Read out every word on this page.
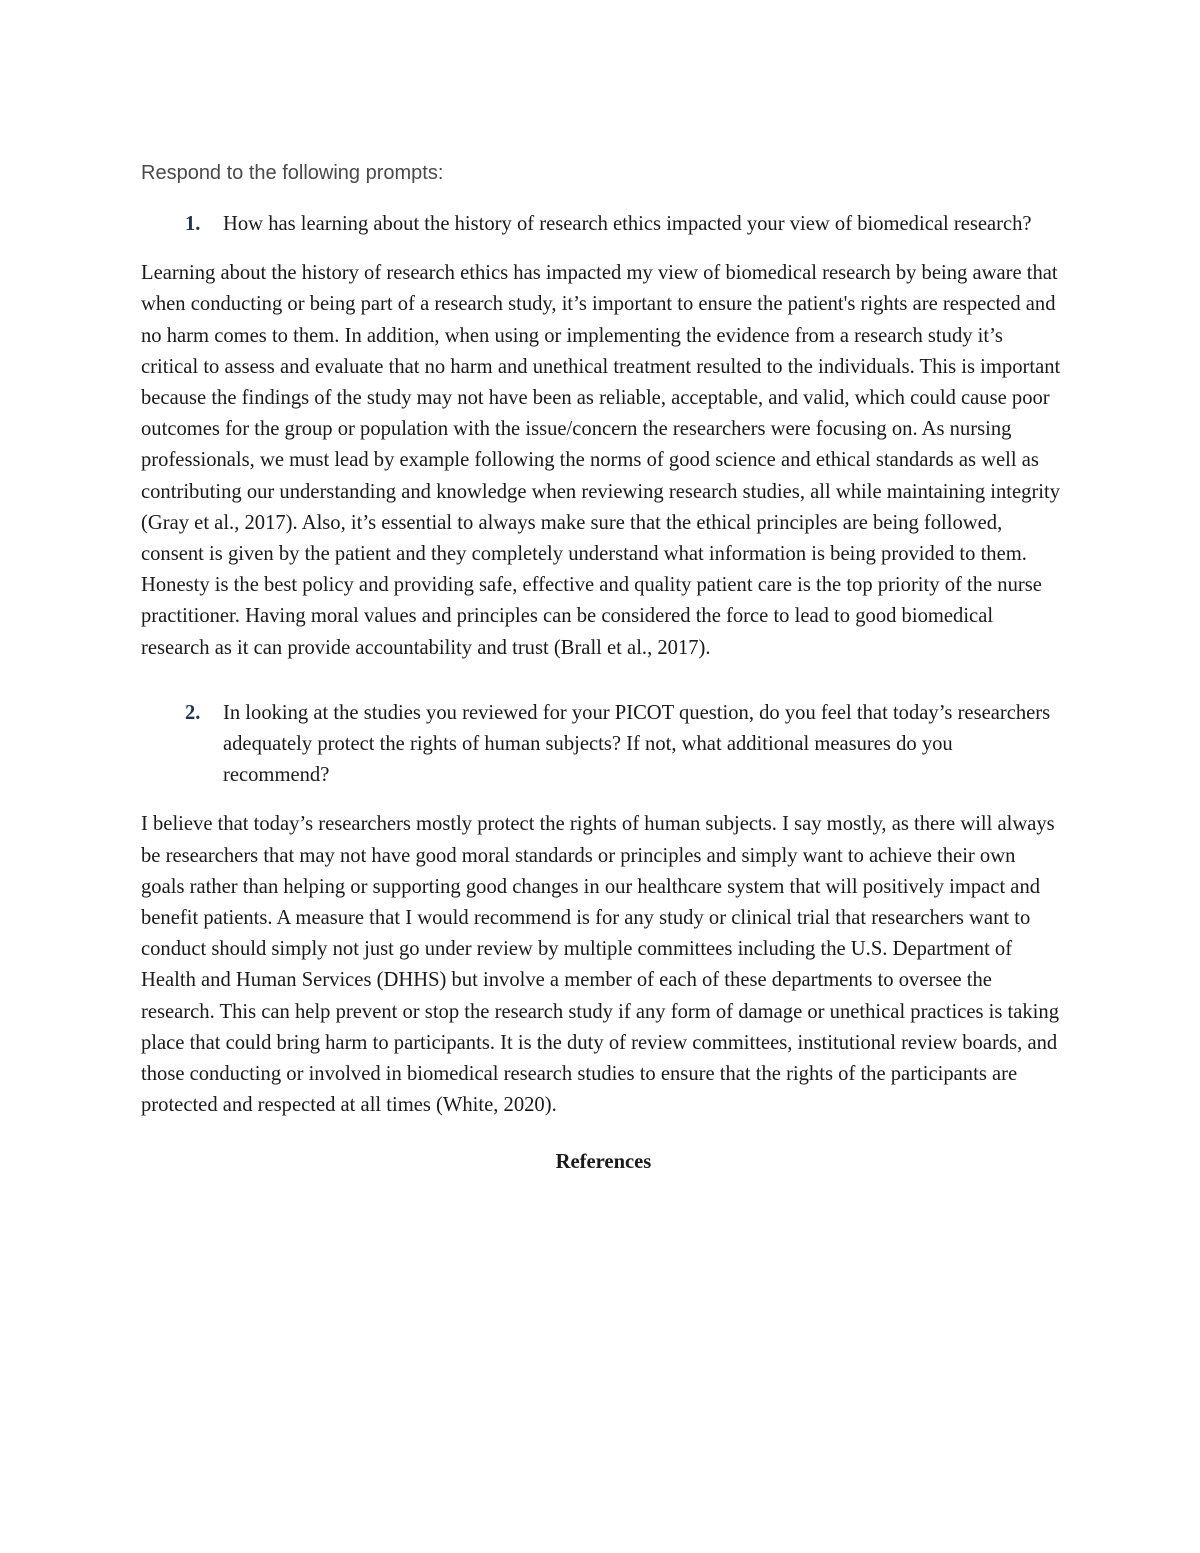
Respond to the following prompts:

1.	How has learning about the history of research ethics impacted your view of biomedical research?

Learning about the history of research ethics has impacted my view of biomedical research by being aware that when conducting or being part of a research study, it’s important to ensure the patient's rights are respected and no harm comes to them. In addition, when using or implementing the evidence from a research study it’s critical to assess and evaluate that no harm and unethical treatment resulted to the individuals. This is important because the findings of the study may not have been as reliable, acceptable, and valid, which could cause poor outcomes for the group or population with the issue/concern the researchers were focusing on. As nursing professionals, we must lead by example following the norms of good science and ethical standards as well as contributing our understanding and knowledge when reviewing research studies, all while maintaining integrity (Gray et al., 2017). Also, it’s essential to always make sure that the ethical principles are being followed, consent is given by the patient and they completely understand what information is being provided to them. Honesty is the best policy and providing safe, effective and quality patient care is the top priority of the nurse practitioner. Having moral values and principles can be considered the force to lead to good biomedical research as it can provide accountability and trust (Brall et al., 2017).

2.	In looking at the studies you reviewed for your PICOT question, do you feel that today’s researchers adequately protect the rights of human subjects? If not, what additional measures do you recommend?

I believe that today’s researchers mostly protect the rights of human subjects. I say mostly, as there will always be researchers that may not have good moral standards or principles and simply want to achieve their own goals rather than helping or supporting good changes in our healthcare system that will positively impact and benefit patients. A measure that I would recommend is for any study or clinical trial that researchers want to conduct should simply not just go under review by multiple committees including the U.S. Department of Health and Human Services (DHHS) but involve a member of each of these departments to oversee the research. This can help prevent or stop the research study if any form of damage or unethical practices is taking place that could bring harm to participants. It is the duty of review committees, institutional review boards, and those conducting or involved in biomedical research studies to ensure that the rights of the participants are protected and respected at all times (White, 2020).

References
